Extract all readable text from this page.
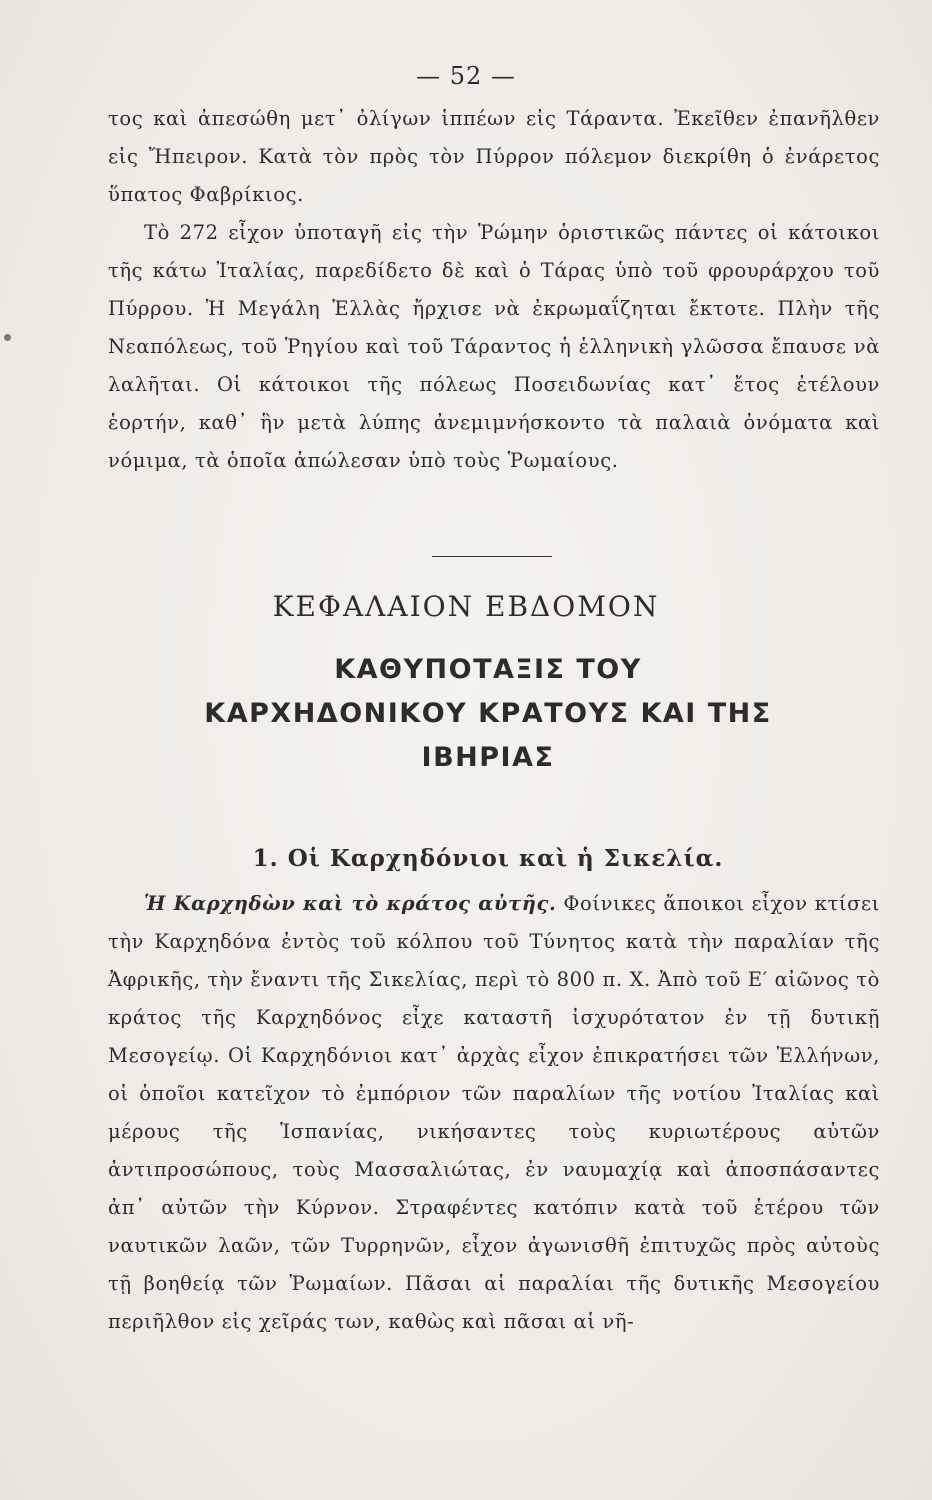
— 52 —

τος καὶ ἀπεσώθη μετ᾽ ὀλίγων ἱππέων εἰς Τάραντα. Ἐκεῖθεν ἐπανῆλθεν εἰς Ἤπειρον. Κατὰ τὸν πρὸς τὸν Πύρρον πόλεμον διεκρίθη ὁ ἐνάρετος ὕπατος Φαβρίκιος.

Τὸ 272 εἶχον ὑποταγῆ εἰς τὴν Ῥώμην ὁριστικῶς πάντες οἱ κάτοικοι τῆς κάτω Ἰταλίας, παρεδίδετο δὲ καὶ ὁ Τάρας ὑπὸ τοῦ φρουράρχου τοῦ Πύρρου. Ἡ Μεγάλη Ἑλλὰς ἤρχισε νὰ ἐκρωμαΐζηται ἔκτοτε. Πλὴν τῆς Νεαπόλεως, τοῦ Ῥηγίου καὶ τοῦ Τάραντος ἡ ἑλληνικὴ γλῶσσα ἔπαυσε νὰ λαλῆται. Οἱ κάτοικοι τῆς πόλεως Ποσειδωνίας κατ᾽ ἔτος ἐτέλουν ἑορτήν, καθ᾽ ἣν μετὰ λύπης ἀνεμιμνήσκοντο τὰ παλαιὰ ὀνόματα καὶ νόμιμα, τὰ ὁποῖα ἀπώλεσαν ὑπὸ τοὺς Ῥωμαίους.

ΚΕΦΑΛΑΙΟΝ ΕΒΔΟΜΟΝ
ΚΑΘΥΠΟΤΑΞΙΣ ΤΟΥ
ΚΑΡΧΗΔΟΝΙΚΟΥ ΚΡΑΤΟΥΣ ΚΑΙ ΤΗΣ
ΙΒΗΡΙΑΣ
1. Οἱ Καρχηδόνιοι καὶ ἡ Σικελία.

Ἡ Καρχηδὼν καὶ τὸ κράτος αὐτῆς. Φοίνικες ἄποικοι εἶχον κτίσει τὴν Καρχηδόνα ἐντὸς τοῦ κόλπου τοῦ Τύνητος κατὰ τὴν παραλίαν τῆς Ἀφρικῆς, τὴν ἔναντι τῆς Σικελίας, περὶ τὸ 800 π. Χ. Ἀπὸ τοῦ Ε′ αἰῶνος τὸ κράτος τῆς Καρχηδόνος εἶχε καταστῆ ἰσχυρότατον ἐν τῇ δυτικῇ Μεσογείῳ. Οἱ Καρχηδόνιοι κατ᾽ ἀρχὰς εἶχον ἐπικρατήσει τῶν Ἑλλήνων, οἱ ὁποῖοι κατεῖχον τὸ ἐμπόριον τῶν παραλίων τῆς νοτίου Ἰταλίας καὶ μέρους τῆς Ἱσπανίας, νικήσαντες τοὺς κυριωτέρους αὐτῶν ἀντιπροσώπους, τοὺς Μασσαλιώτας, ἐν ναυμαχίᾳ καὶ ἀποσπάσαντες ἀπ᾽ αὐτῶν τὴν Κύρνον. Στραφέντες κατόπιν κατὰ τοῦ ἑτέρου τῶν ναυτικῶν λαῶν, τῶν Τυρρηνῶν, εἶχον ἀγωνισθῆ ἐπιτυχῶς πρὸς αὐτοὺς τῇ βοηθείᾳ τῶν Ῥωμαίων. Πᾶσαι αἱ παραλίαι τῆς δυτικῆς Μεσογείου περιῆλθον εἰς χεῖράς των, καθὼς καὶ πᾶσαι αἱ νῆ-
